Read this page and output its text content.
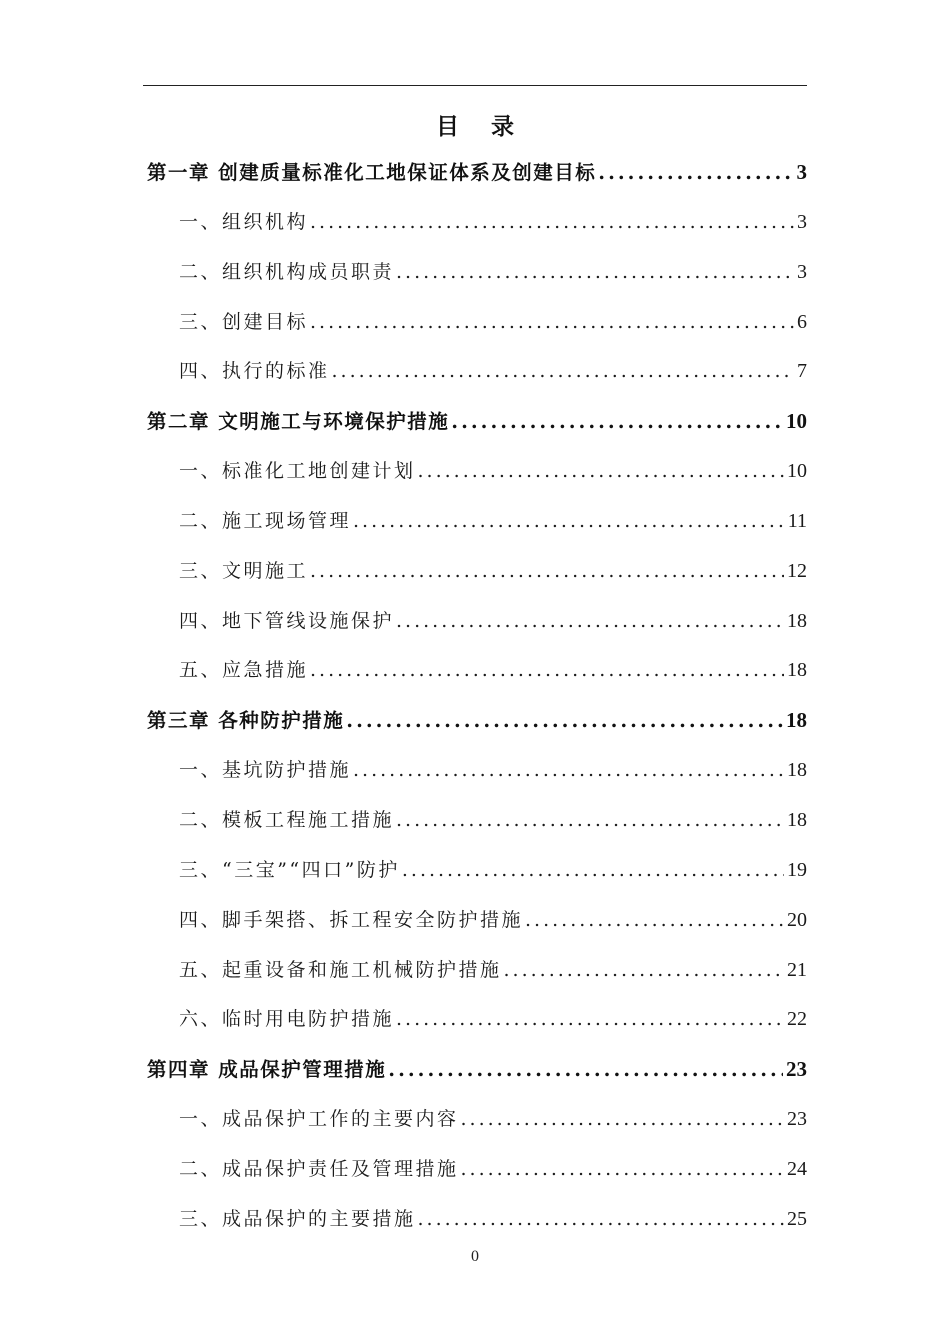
目 录
第一章 创建质量标准化工地保证体系及创建目标 .....	3
一、组织机构 .....	3
二、组织机构成员职责 .....	3
三、创建目标 .....	6
四、执行的标准 .....	7
第二章 文明施工与环境保护措施 .....	10
一、标准化工地创建计划 .....	10
二、施工现场管理 .....	11
三、文明施工 .....	12
四、地下管线设施保护 .....	18
五、应急措施 .....	18
第三章 各种防护措施 .....	18
一、基坑防护措施 .....	18
二、模板工程施工措施 .....	18
三、“三宝”“四口”防护 .....	19
四、脚手架搭、拆工程安全防护措施 .....	20
五、起重设备和施工机械防护措施 .....	21
六、临时用电防护措施 .....	22
第四章 成品保护管理措施 .....	23
一、成品保护工作的主要内容 .....	23
二、成品保护责任及管理措施 .....	24
三、成品保护的主要措施 .....	25
0
